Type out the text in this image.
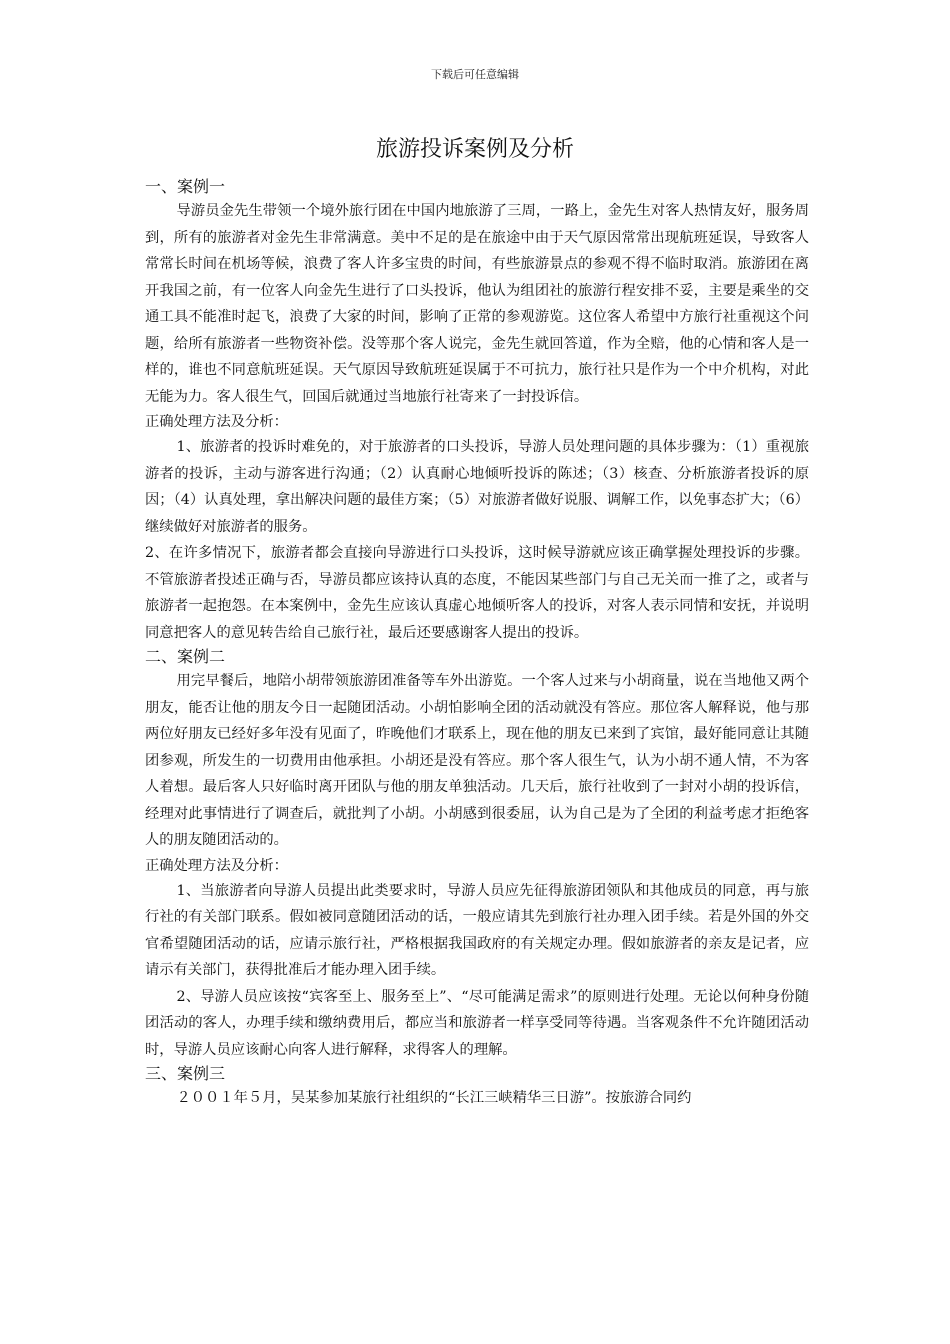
下载后可任意编辑
旅游投诉案例及分析

一、案例一

导游员金先生带领一个境外旅行团在中国内地旅游了三周，一路上，金先生对客人热情友好，服务周到，所有的旅游者对金先生非常满意。美中不足的是在旅途中由于天气原因常常出现航班延误，导致客人常常长时间在机场等候，浪费了客人许多宝贵的时间，有些旅游景点的参观不得不临时取消。旅游团在离开我国之前，有一位客人向金先生进行了口头投诉，他认为组团社的旅游行程安排不妥，主要是乘坐的交通工具不能准时起飞，浪费了大家的时间，影响了正常的参观游览。这位客人希望中方旅行社重视这个问题，给所有旅游者一些物资补偿。没等那个客人说完，金先生就回答道，作为全赔，他的心情和客人是一样的，谁也不同意航班延误。天气原因导致航班延误属于不可抗力，旅行社只是作为一个中介机构，对此无能为力。客人很生气，回国后就通过当地旅行社寄来了一封投诉信。

正确处理方法及分析：

1、旅游者的投诉时难免的，对于旅游者的口头投诉，导游人员处理问题的具体步骤为：（1）重视旅游者的投诉，主动与游客进行沟通；（2）认真耐心地倾听投诉的陈述；（3）核查、分析旅游者投诉的原因；（4）认真处理，拿出解决问题的最佳方案；（5）对旅游者做好说服、调解工作，以免事态扩大；（6）继续做好对旅游者的服务。

2、在许多情况下，旅游者都会直接向导游进行口头投诉，这时候导游就应该正确掌握处理投诉的步骤。不管旅游者投述正确与否，导游员都应该持认真的态度，不能因某些部门与自己无关而一推了之，或者与旅游者一起抱怨。在本案例中，金先生应该认真虚心地倾听客人的投诉，对客人表示同情和安抚，并说明同意把客人的意见转告给自己旅行社，最后还要感谢客人提出的投诉。

二、案例二

用完早餐后，地陪小胡带领旅游团准备等车外出游览。一个客人过来与小胡商量，说在当地他又两个朋友，能否让他的朋友今日一起随团活动。小胡怕影响全团的活动就没有答应。那位客人解释说，他与那两位好朋友已经好多年没有见面了，昨晚他们才联系上，现在他的朋友已来到了宾馆，最好能同意让其随团参观，所发生的一切费用由他承担。小胡还是没有答应。那个客人很生气，认为小胡不通人情，不为客人着想。最后客人只好临时离开团队与他的朋友单独活动。几天后，旅行社收到了一封对小胡的投诉信，经理对此事情进行了调查后，就批判了小胡。小胡感到很委屈，认为自己是为了全团的利益考虑才拒绝客人的朋友随团活动的。

正确处理方法及分析：

1、当旅游者向导游人员提出此类要求时，导游人员应先征得旅游团领队和其他成员的同意，再与旅行社的有关部门联系。假如被同意随团活动的话，一般应请其先到旅行社办理入团手续。若是外国的外交官希望随团活动的话，应请示旅行社，严格根据我国政府的有关规定办理。假如旅游者的亲友是记者，应请示有关部门，获得批准后才能办理入团手续。

2、导游人员应该按“宾客至上、服务至上”、“尽可能满足需求”的原则进行处理。无论以何种身份随团活动的客人，办理手续和缴纳费用后，都应当和旅游者一样享受同等待遇。当客观条件不允许随团活动时，导游人员应该耐心向客人进行解释，求得客人的理解。

三、案例三

２００１年５月，吴某参加某旅行社组织的“长江三峡精华三日游”。按旅游合同约
